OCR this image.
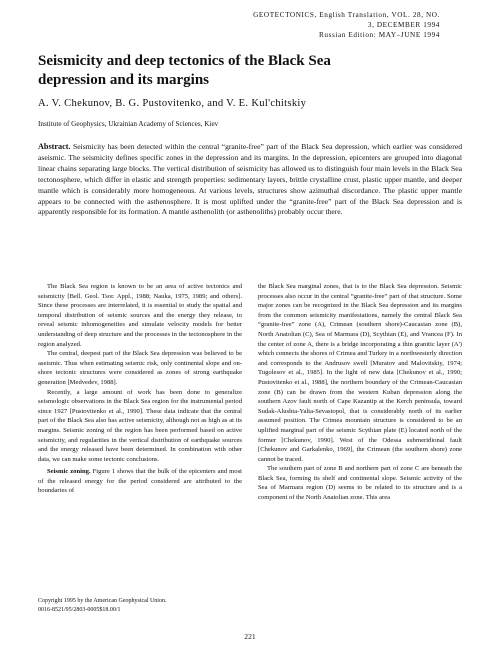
GEOTECTONICS, English Translation, VOL. 28, NO. 3, DECEMBER 1994
Russian Edition: MAY–JUNE 1994
Seismicity and deep tectonics of the Black Sea depression and its margins
A. V. Chekunov, B. G. Pustovitenko, and V. E. Kul'chitskiy
Institute of Geophysics, Ukrainian Academy of Sciences, Kiev

Abstract. Seismicity has been detected within the central “granite-free” part of the Black Sea depression, which earlier was considered aseismic. The seismicity defines specific zones in the depression and its margins. In the depression, epicenters are grouped into diagonal linear chains separating large blocks. The vertical distribution of seismicity has allowed us to distinguish four main levels in the Black Sea tectonosphere, which differ in elastic and strength properties: sedimentary layers, brittle crystalline crust, plastic upper mantle, and deeper mantle which is considerably more homogeneous. At various levels, structures show azimuthal discordance. The plastic upper mantle appears to be connected with the asthenosphere. It is most uplifted under the “granite-free” part of the Black Sea depression and is apparently responsible for its formation. A mantle asthenolith (or asthenoliths) probably occur there.

The Black Sea region is known to be an area of active tectonics and seismicity [Bell. Geol. Tsor. Appl., 1988; Nauka, 1975, 1989; and others]. Since these processes are interrelated, it is essential to study the spatial and temporal distribution of seismic sources and the energy they release, to reveal seismic inhomogeneities and simulate velocity models for better understanding of deep structure and the processes in the tectonosphere in the region analyzed.

The central, deepest part of the Black Sea depression was believed to be aseismic. Thus when estimating seismic risk, only continental slope and on-shore tectonic structures were considered as zones of strong earthquake generation [Medvedev, 1988].

Recently, a large amount of work has been done to generalize seismologic observations in the Black Sea region for the instrumental period since 1927 [Pustovitenko et al., 1990]. These data indicate that the central part of the Black Sea also has active seismicity, although not as high as at its margins. Seismic zoning of the region has been performed based on active seismicity, and regularities in the vertical distribution of earthquake sources and the energy released have been determined. In combination with other data, we can make some tectonic conclusions.

Seismic zoning. Figure 1 shows that the bulk of the epicenters and most of the released energy for the period considered are attributed to the boundaries of

the Black Sea marginal zones, that is to the Black Sea depression. Seismic processes also occur in the central “granite-free” part of that structure. Some major zones can be recognized in the Black Sea depression and its margins from the common seismicity manifestations, namely the central Black Sea “granite-free” zone (A), Crimean (southern shore)-Caucasian zone (B), North Anatolian (C), Sea of Marmara (D), Scythian (E), and Vrancea (F). In the center of zone A, there is a bridge incorporating a thin granitic layer (A') which connects the shores of Crimea and Turkey in a northwesterly direction and corresponds to the Andrusov swell [Muratov and Malovitskiy, 1974; Tugolesov et al., 1985]. In the light of new data [Chekunov et al., 1990; Pustovitenko et al., 1988], the northern boundary of the Crimean-Caucasian zone (B) can be drawn from the western Kuban depression along the southern Azov fault north of Cape Kazantip at the Kerch peninsula, toward Sudak-Alushta-Yalta-Sevastopol, that is considerably north of its earlier assumed position. The Crimea mountain structure is considered to be an uplifted marginal part of the seismic Scythian plate (E) located north of the former [Chekunov, 1990]. West of the Odessa submeridional fault [Chekunov and Garkalenko, 1969], the Crimean (the southern shore) zone cannot be traced.

The southern part of zone B and northern part of zone C are beneath the Black Sea, forming its shelf and continental slope. Seismic activity of the Sea of Marmara region (D) seems to be related to its structure and is a component of the North Anatolian zone. This area

Copyright 1995 by the American Geophysical Union.
0016-8521/95/2803-0005$18.00/1
221
